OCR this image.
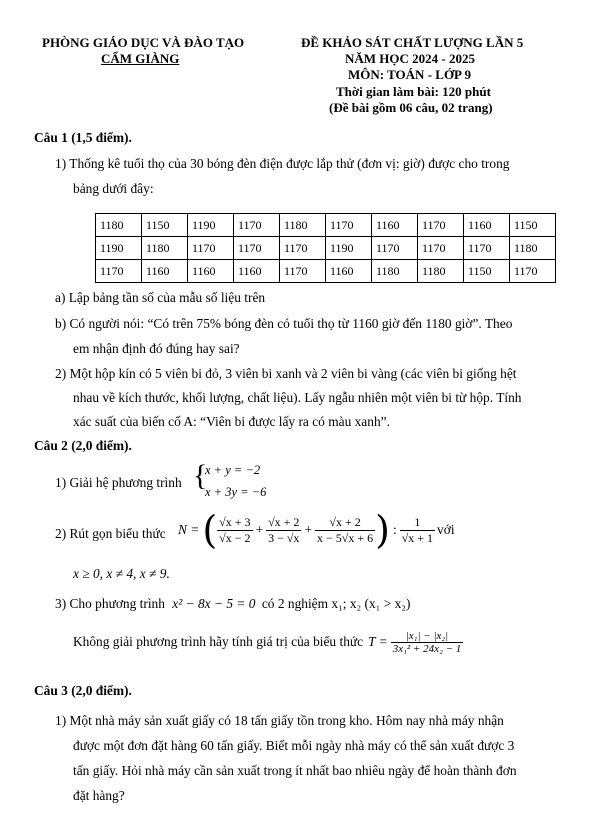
PHÒNG GIÁO DỤC VÀ ĐÀO TẠO
CẨM GIÀNG
ĐỀ KHẢO SÁT CHẤT LƯỢNG LẦN 5
NĂM HỌC 2024 - 2025
MÔN: TOÁN - LỚP 9
Thời gian làm bài: 120 phút
(Đề bài gồm 06 câu, 02 trang)
Câu 1 (1,5 điểm).
1) Thống kê tuổi thọ của 30 bóng đèn điện được lắp thử (đơn vị: giờ) được cho trong
bảng dưới đây:
1180	1150	1190	1170	1180	1170	1160	1170	1160	1150
1190	1180	1170	1170	1170	1190	1170	1170	1170	1180
1170	1160	1160	1160	1170	1160	1180	1180	1150	1170
a) Lập bảng tần số của mẫu số liệu trên
b) Có người nói: “Có trên 75% bóng đèn có tuổi thọ từ 1160 giờ đến 1180 giờ”. Theo
em nhận định đó đúng hay sai?
2) Một hộp kín có 5 viên bi đỏ, 3 viên bi xanh và 2 viên bi vàng (các viên bi giống hệt
nhau về kích thước, khối lượng, chất liệu). Lấy ngẫu nhiên một viên bi từ hộp. Tính
xác suất của biến cố A: “Viên bi được lấy ra có màu xanh”.
Câu 2 (2,0 điểm).
1) Giải hệ phương trình {
x + y = −2
x + 3y = −6
2) Rút gọn biểu thức N = ( $\frac{√x + 3}{√x - 2} + \frac{√x + 2}{3 - √x} + \frac{√x + 2}{x - 5√x + 6}$ ) : $\frac{1}{√x + 1}$ với
x ≥ 0, x ≠ 4, x ≠ 9.
3) Cho phương trình x² − 8x − 5 = 0 có 2 nghiệm x₁; x₂ (x₁ > x₂)
Không giải phương trình hãy tính giá trị của biểu thức $T = \frac{\text{|x₁| − |x₂|}}{\text{3x₁² + 24x₂ − 1}}$
Câu 3 (2,0 điểm).
1) Một nhà máy sản xuất giấy có 18 tấn giấy tồn trong kho. Hôm nay nhà máy nhận
được một đơn đặt hàng 60 tấn giấy. Biết mỗi ngày nhà máy có thể sản xuất được 3
tấn giấy. Hỏi nhà máy cần sản xuất trong ít nhất bao nhiêu ngày để hoàn thành đơn
đặt hàng?
